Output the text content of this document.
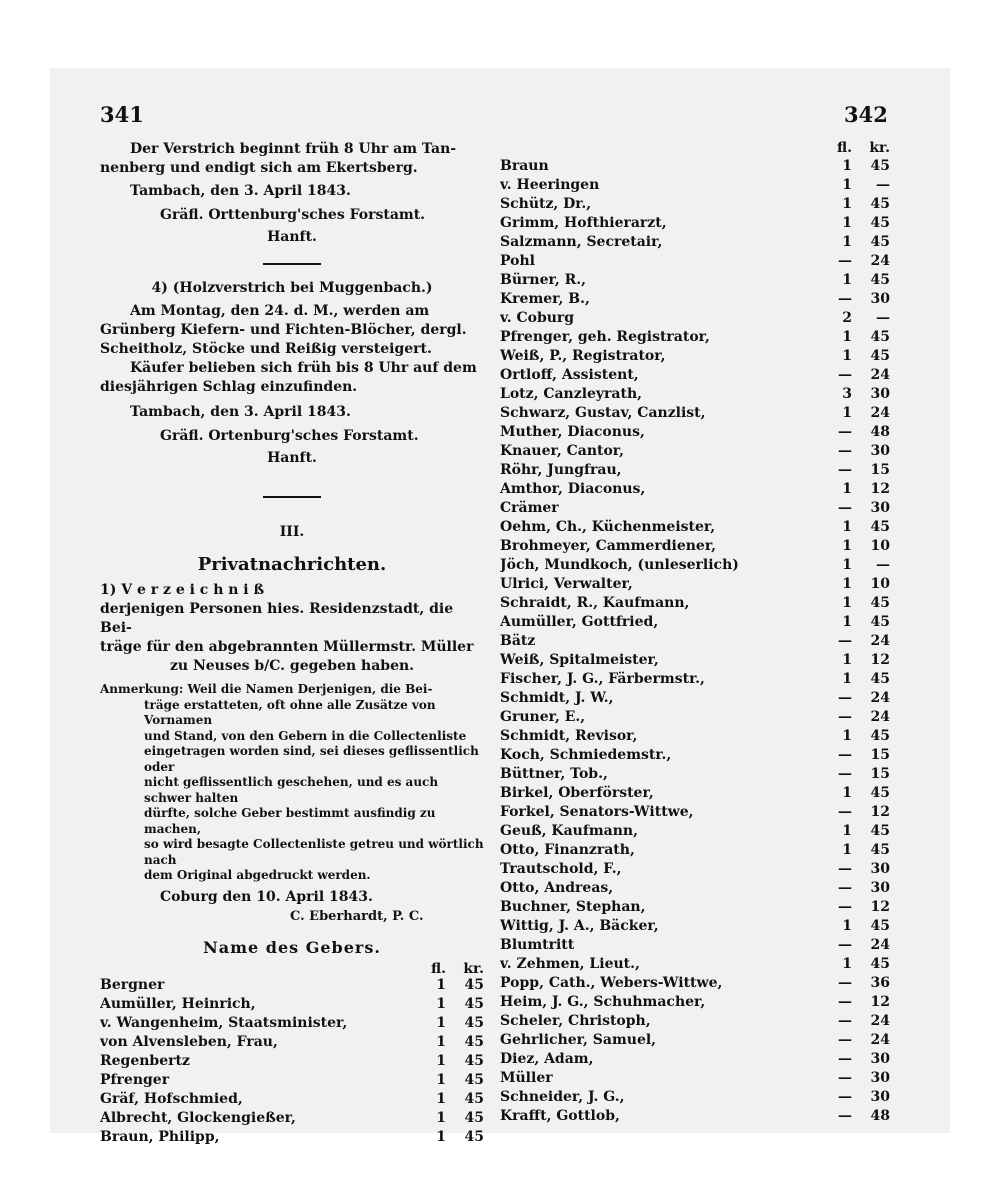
341	342

Der Verstrich beginnt früh 8 Uhr am Tan-

nenberg und endigt sich am Ekertsberg.

Tambach, den 3. April 1843.

Gräfl. Orttenburg'sches Forstamt.

Hanft.

4) (Holzverstrich bei Muggenbach.)

Am Montag, den 24. d. M., werden am

Grünberg Kiefern- und Fichten-Blöcher, dergl.

Scheitholz, Stöcke und Reißig versteigert.

Käufer belieben sich früh bis 8 Uhr auf dem

diesjährigen Schlag einzufinden.

Tambach, den 3. April 1843.

Gräfl. Ortenburg'sches Forstamt.

Hanft.

III.

Privatnachrichten.

1) V e r z e i c h n i ß

derjenigen Personen hies. Residenzstadt, die Bei-

träge für den abgebrannten Müllermstr. Müller

zu Neuses b/C. gegeben haben.

Anmerkung: Weil die Namen Derjenigen, die Bei-

träge erstatteten, oft ohne alle Zusätze von Vornamen

und Stand, von den Gebern in die Collectenliste

eingetragen worden sind, sei dieses geflissentlich oder

nicht geflissentlich geschehen, und es auch schwer halten

dürfte, solche Geber bestimmt ausfindig zu machen,

so wird besagte Collectenliste getreu und wörtlich nach

dem Original abgedruckt werden.

Coburg den 10. April 1843.

C. Eberhardt, P. C.

Name des Gebers.

fl.	kr.
Bergner	1	45
Aumüller, Heinrich,	1	45
v. Wangenheim, Staatsminister,	1	45
von Alvensleben, Frau,	1	45
Regenbertz	1	45
Pfrenger	1	45
Gräf, Hofschmied,	1	45
Albrecht, Glockengießer,	1	45
Braun, Philipp,	1	45
fl.	kr.
Braun	1	45
v. Heeringen	1	—
Schütz, Dr.,	1	45
Grimm, Hofthierarzt,	1	45
Salzmann, Secretair,	1	45
Pohl	—	24
Bürner, R.,	1	45
Kremer, B.,	—	30
v. Coburg	2	—
Pfrenger, geh. Registrator,	1	45
Weiß, P., Registrator,	1	45
Ortloff, Assistent,	—	24
Lotz, Canzleyrath,	3	30
Schwarz, Gustav, Canzlist,	1	24
Muther, Diaconus,	—	48
Knauer, Cantor,	—	30
Röhr, Jungfrau,	—	15
Amthor, Diaconus,	1	12
Crämer	—	30
Oehm, Ch., Küchenmeister,	1	45
Brohmeyer, Cammerdiener,	1	10
Jöch, Mundkoch, (unleserlich)	1	—
Ulrici, Verwalter,	1	10
Schraidt, R., Kaufmann,	1	45
Aumüller, Gottfried,	1	45
Bätz	—	24
Weiß, Spitalmeister,	1	12
Fischer, J. G., Färbermstr.,	1	45
Schmidt, J. W.,	—	24
Gruner, E.,	—	24
Schmidt, Revisor,	1	45
Koch, Schmiedemstr.,	—	15
Büttner, Tob.,	—	15
Birkel, Oberförster,	1	45
Forkel, Senators-Wittwe,	—	12
Geuß, Kaufmann,	1	45
Otto, Finanzrath,	1	45
Trautschold, F.,	—	30
Otto, Andreas,	—	30
Buchner, Stephan,	—	12
Wittig, J. A., Bäcker,	1	45
Blumtritt	—	24
v. Zehmen, Lieut.,	1	45
Popp, Cath., Webers-Wittwe,	—	36
Heim, J. G., Schuhmacher,	—	12
Scheler, Christoph,	—	24
Gehrlicher, Samuel,	—	24
Diez, Adam,	—	30
Müller	—	30
Schneider, J. G.,	—	30
Krafft, Gottlob,	—	48
